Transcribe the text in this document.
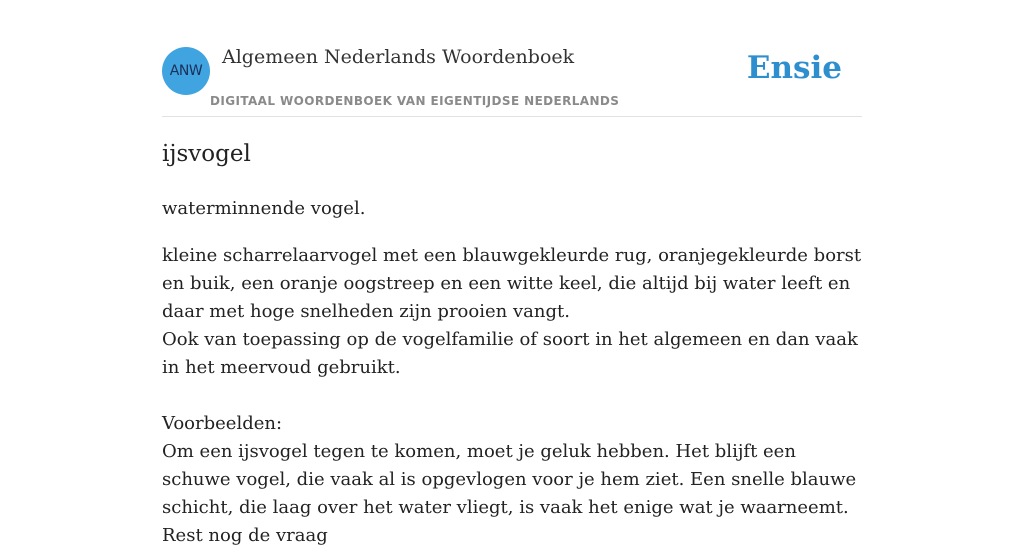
ANW
Algemeen Nederlands Woordenboek
DIGITAAL WOORDENBOEK VAN EIGENTIJDSE NEDERLANDS
Ensie
ijsvogel

waterminnende vogel.

kleine scharrelaarvogel met een blauwgekleurde rug, oranjegekleurde borst en buik, een oranje oogstreep en een witte keel, die altijd bij water leeft en daar met hoge snelheden zijn prooien vangt.
Ook van toepassing op de vogelfamilie of soort in het algemeen en dan vaak in het meervoud gebruikt.

Voorbeelden:

Om een ijsvogel tegen te komen, moet je geluk hebben. Het blijft een schuwe vogel, die vaak al is opgevlogen voor je hem ziet. Een snelle blauwe schicht, die laag over het water vliegt, is vaak het enige wat je waarneemt. Rest nog de vraag
